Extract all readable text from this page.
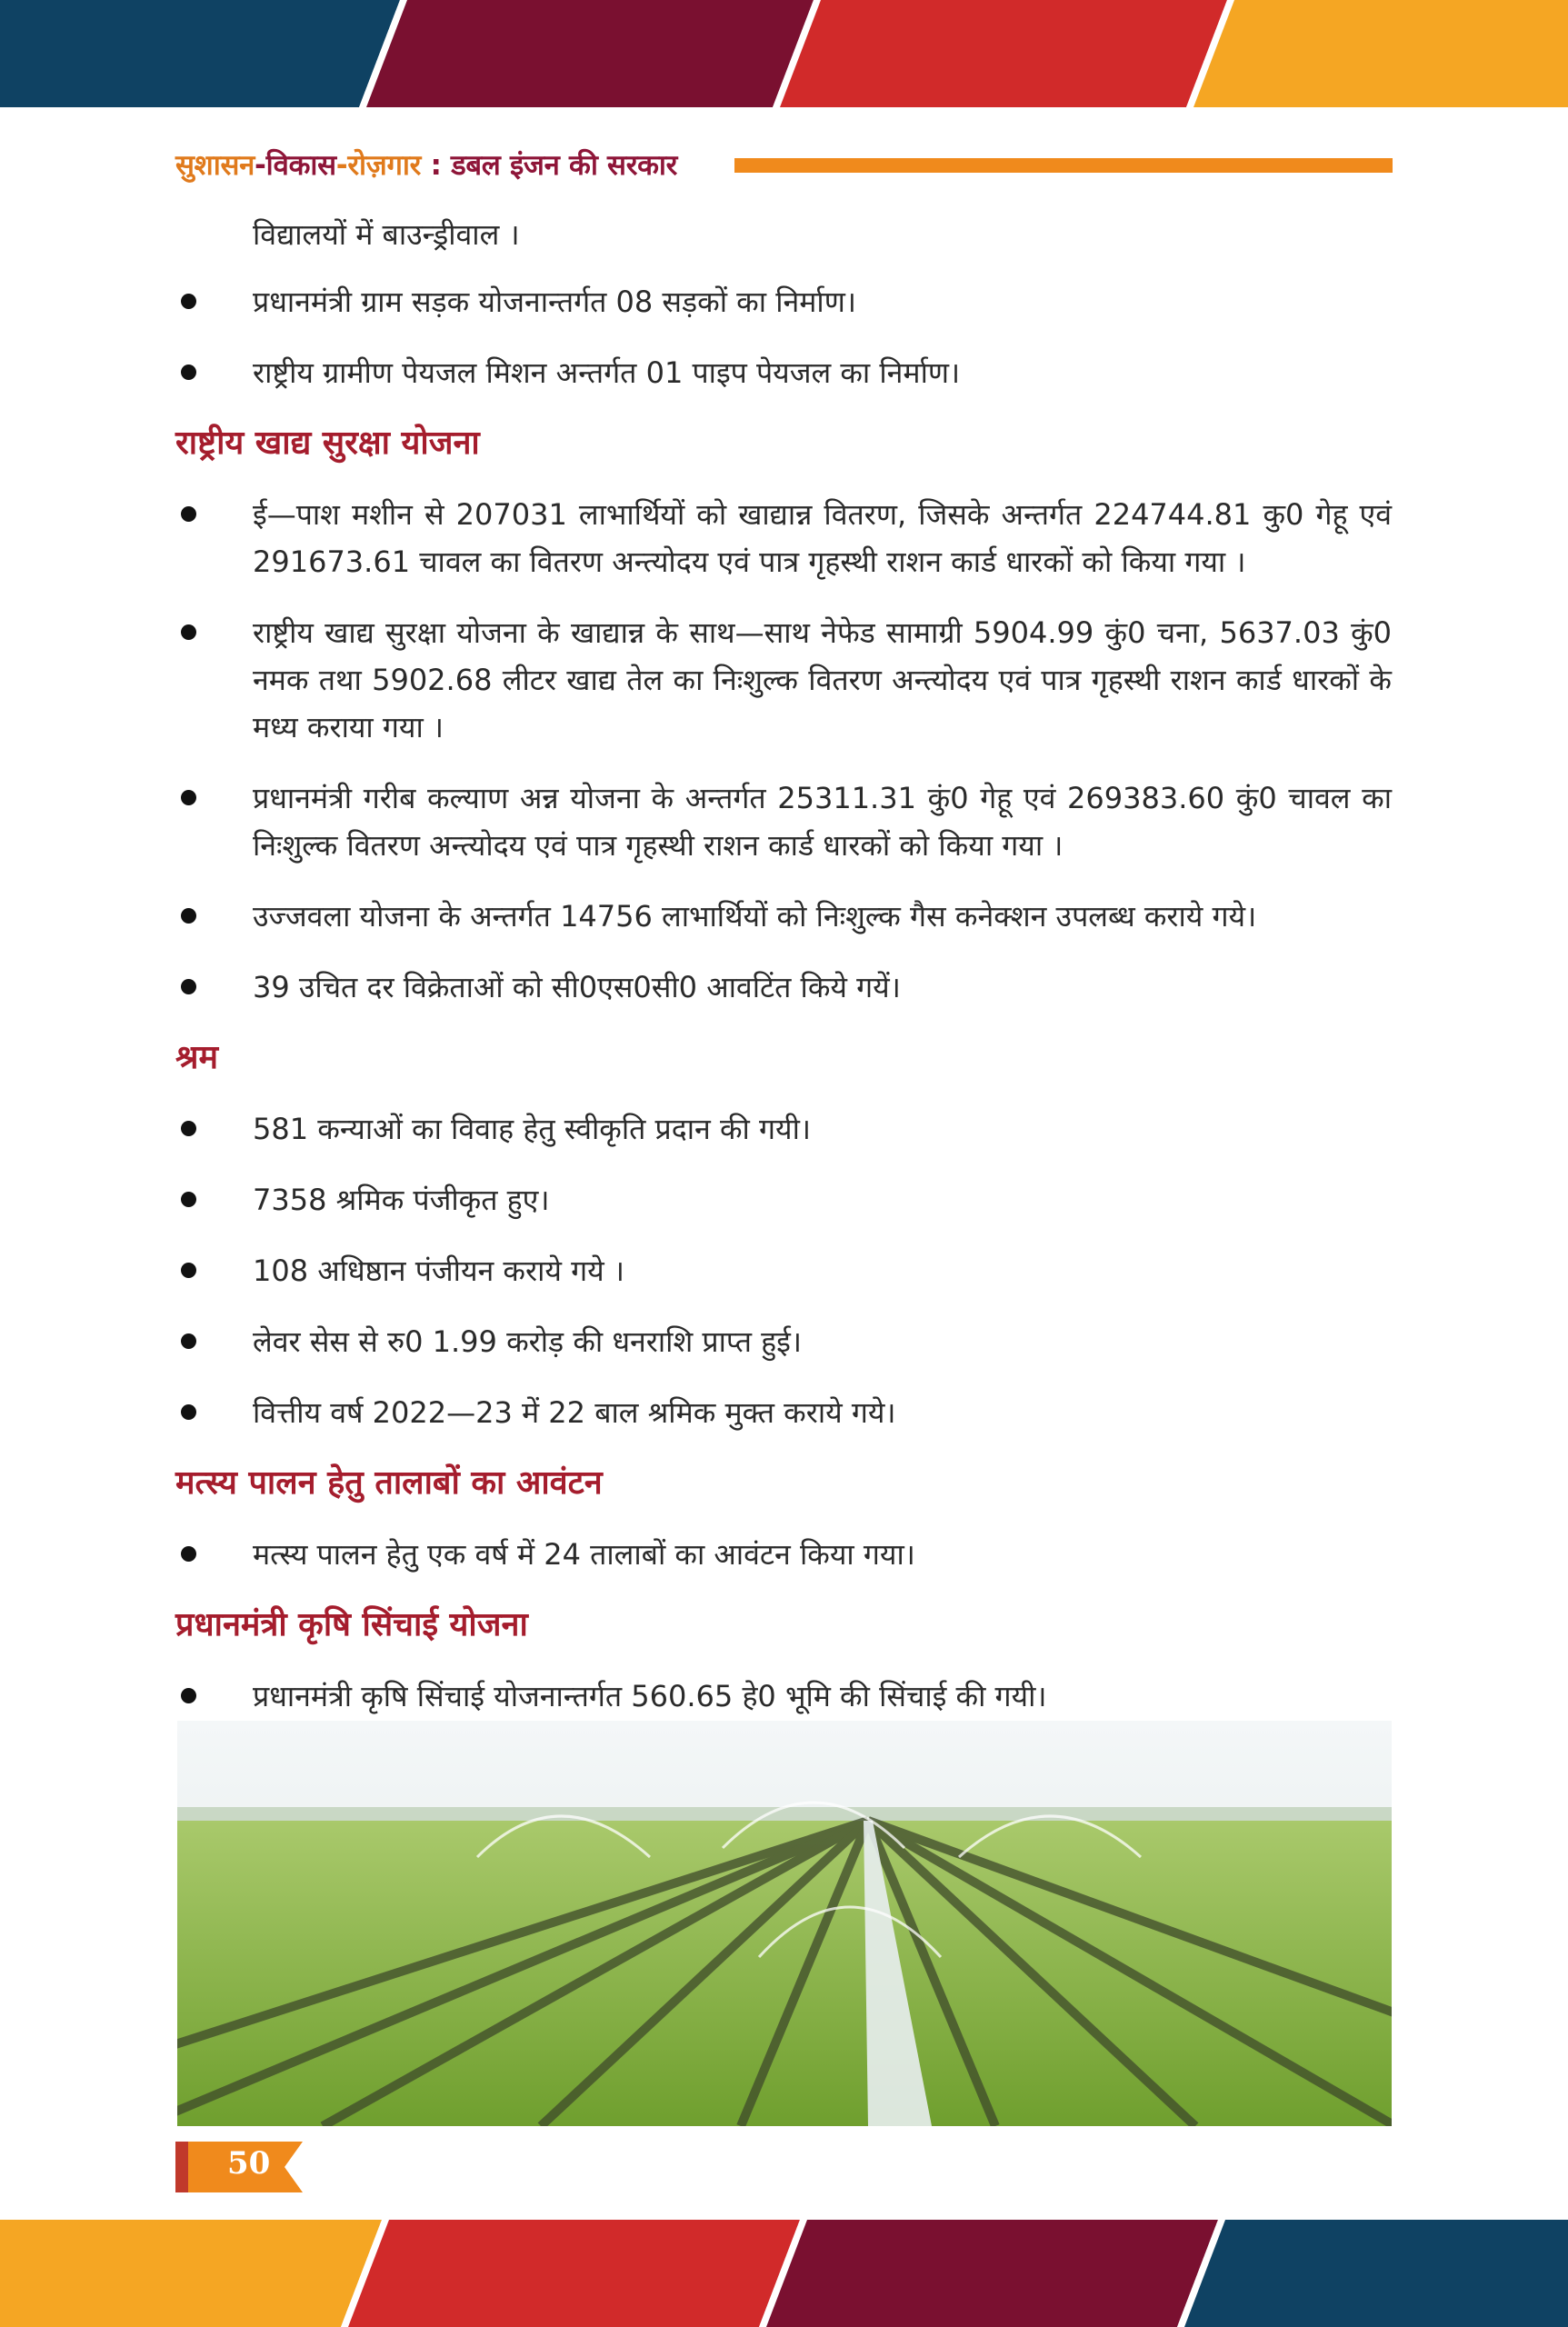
सुशासन-विकास-रोज़गार : डबल इंजन की सरकार

विद्यालयों में बाउन्ड्रीवाल ।

प्रधानमंत्री ग्राम सड़क योजनान्तर्गत 08 सड़कों का निर्माण।
राष्ट्रीय ग्रामीण पेयजल मिशन अन्तर्गत 01 पाइप पेयजल का निर्माण।
राष्ट्रीय खाद्य सुरक्षा योजना
ई—पाश मशीन से 207031 लाभार्थियों को खाद्यान्न वितरण, जिसके अन्तर्गत 224744.81 कु0 गेहू एवं 291673.61 चावल का वितरण अन्त्योदय एवं पात्र गृहस्थी राशन कार्ड धारकों को किया गया ।
राष्ट्रीय खाद्य सुरक्षा योजना के खाद्यान्न के साथ—साथ नेफेड सामाग्री 5904.99 कुं0 चना, 5637.03 कुं0 नमक तथा 5902.68 लीटर खाद्य तेल का निःशुल्क वितरण अन्त्योदय एवं पात्र गृहस्थी राशन कार्ड धारकों के मध्य कराया गया ।
प्रधानमंत्री गरीब कल्याण अन्न योजना के अन्तर्गत 25311.31 कुं0 गेहू एवं 269383.60 कुं0 चावल का निःशुल्क वितरण अन्त्योदय एवं पात्र गृहस्थी राशन कार्ड धारकों को किया गया ।
उज्जवला योजना के अन्तर्गत 14756 लाभार्थियों को निःशुल्क गैस कनेक्शन उपलब्ध कराये गये।
39 उचित दर विक्रेताओं को सी0एस0सी0 आवटिंत किये गयें।
श्रम
581 कन्याओं का विवाह हेतु स्वीकृति प्रदान की गयी।
7358 श्रमिक पंजीकृत हुए।
108 अधिष्ठान पंजीयन कराये गये ।
लेवर सेस से रु0 1.99 करोड़ की धनराशि प्राप्त हुई।
वित्तीय वर्ष 2022—23 में 22 बाल श्रमिक मुक्त कराये गये।
मत्स्य पालन हेतु तालाबों का आवंटन
मत्स्य पालन हेतु एक वर्ष में 24 तालाबों का आवंटन किया गया।
प्रधानमंत्री कृषि सिंचाई योजना
प्रधानमंत्री कृषि सिंचाई योजनान्तर्गत 560.65 हे0 भूमि की सिंचाई की गयी।
50
